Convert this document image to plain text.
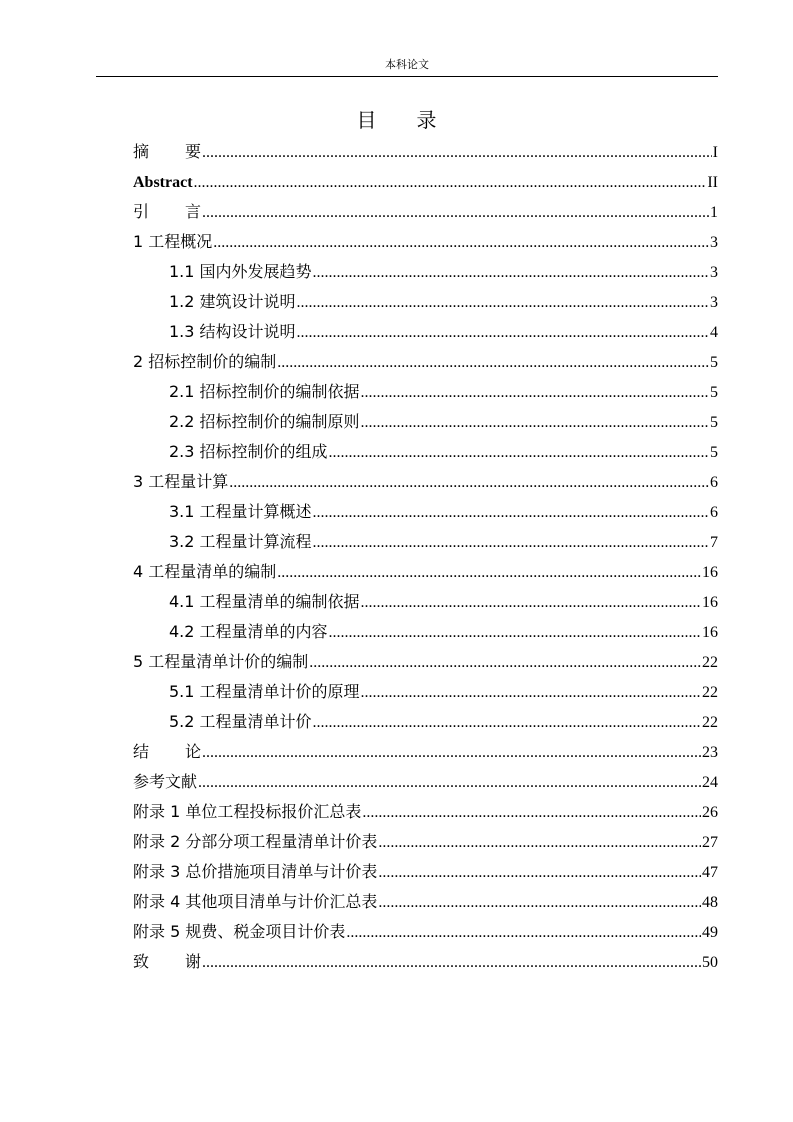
本科论文
目 录
摘 要 .....	I
Abstract .....	II
引 言 .....	1
1 工程概况 .....	3
1.1 国内外发展趋势 .....	3
1.2 建筑设计说明 .....	3
1.3 结构设计说明 .....	4
2 招标控制价的编制 .....	5
2.1 招标控制价的编制依据 .....	5
2.2 招标控制价的编制原则 .....	5
2.3 招标控制价的组成 .....	5
3 工程量计算 .....	6
3.1 工程量计算概述 .....	6
3.2 工程量计算流程 .....	7
4 工程量清单的编制 .....	16
4.1 工程量清单的编制依据 .....	16
4.2 工程量清单的内容 .....	16
5 工程量清单计价的编制 .....	22
5.1 工程量清单计价的原理 .....	22
5.2 工程量清单计价 .....	22
结 论 .....	23
参考文献 .....	24
附录 1 单位工程投标报价汇总表 .....	26
附录 2 分部分项工程量清单计价表 .....	27
附录 3 总价措施项目清单与计价表 .....	47
附录 4 其他项目清单与计价汇总表 .....	48
附录 5 规费、税金项目计价表 .....	49
致 谢 .....	50
